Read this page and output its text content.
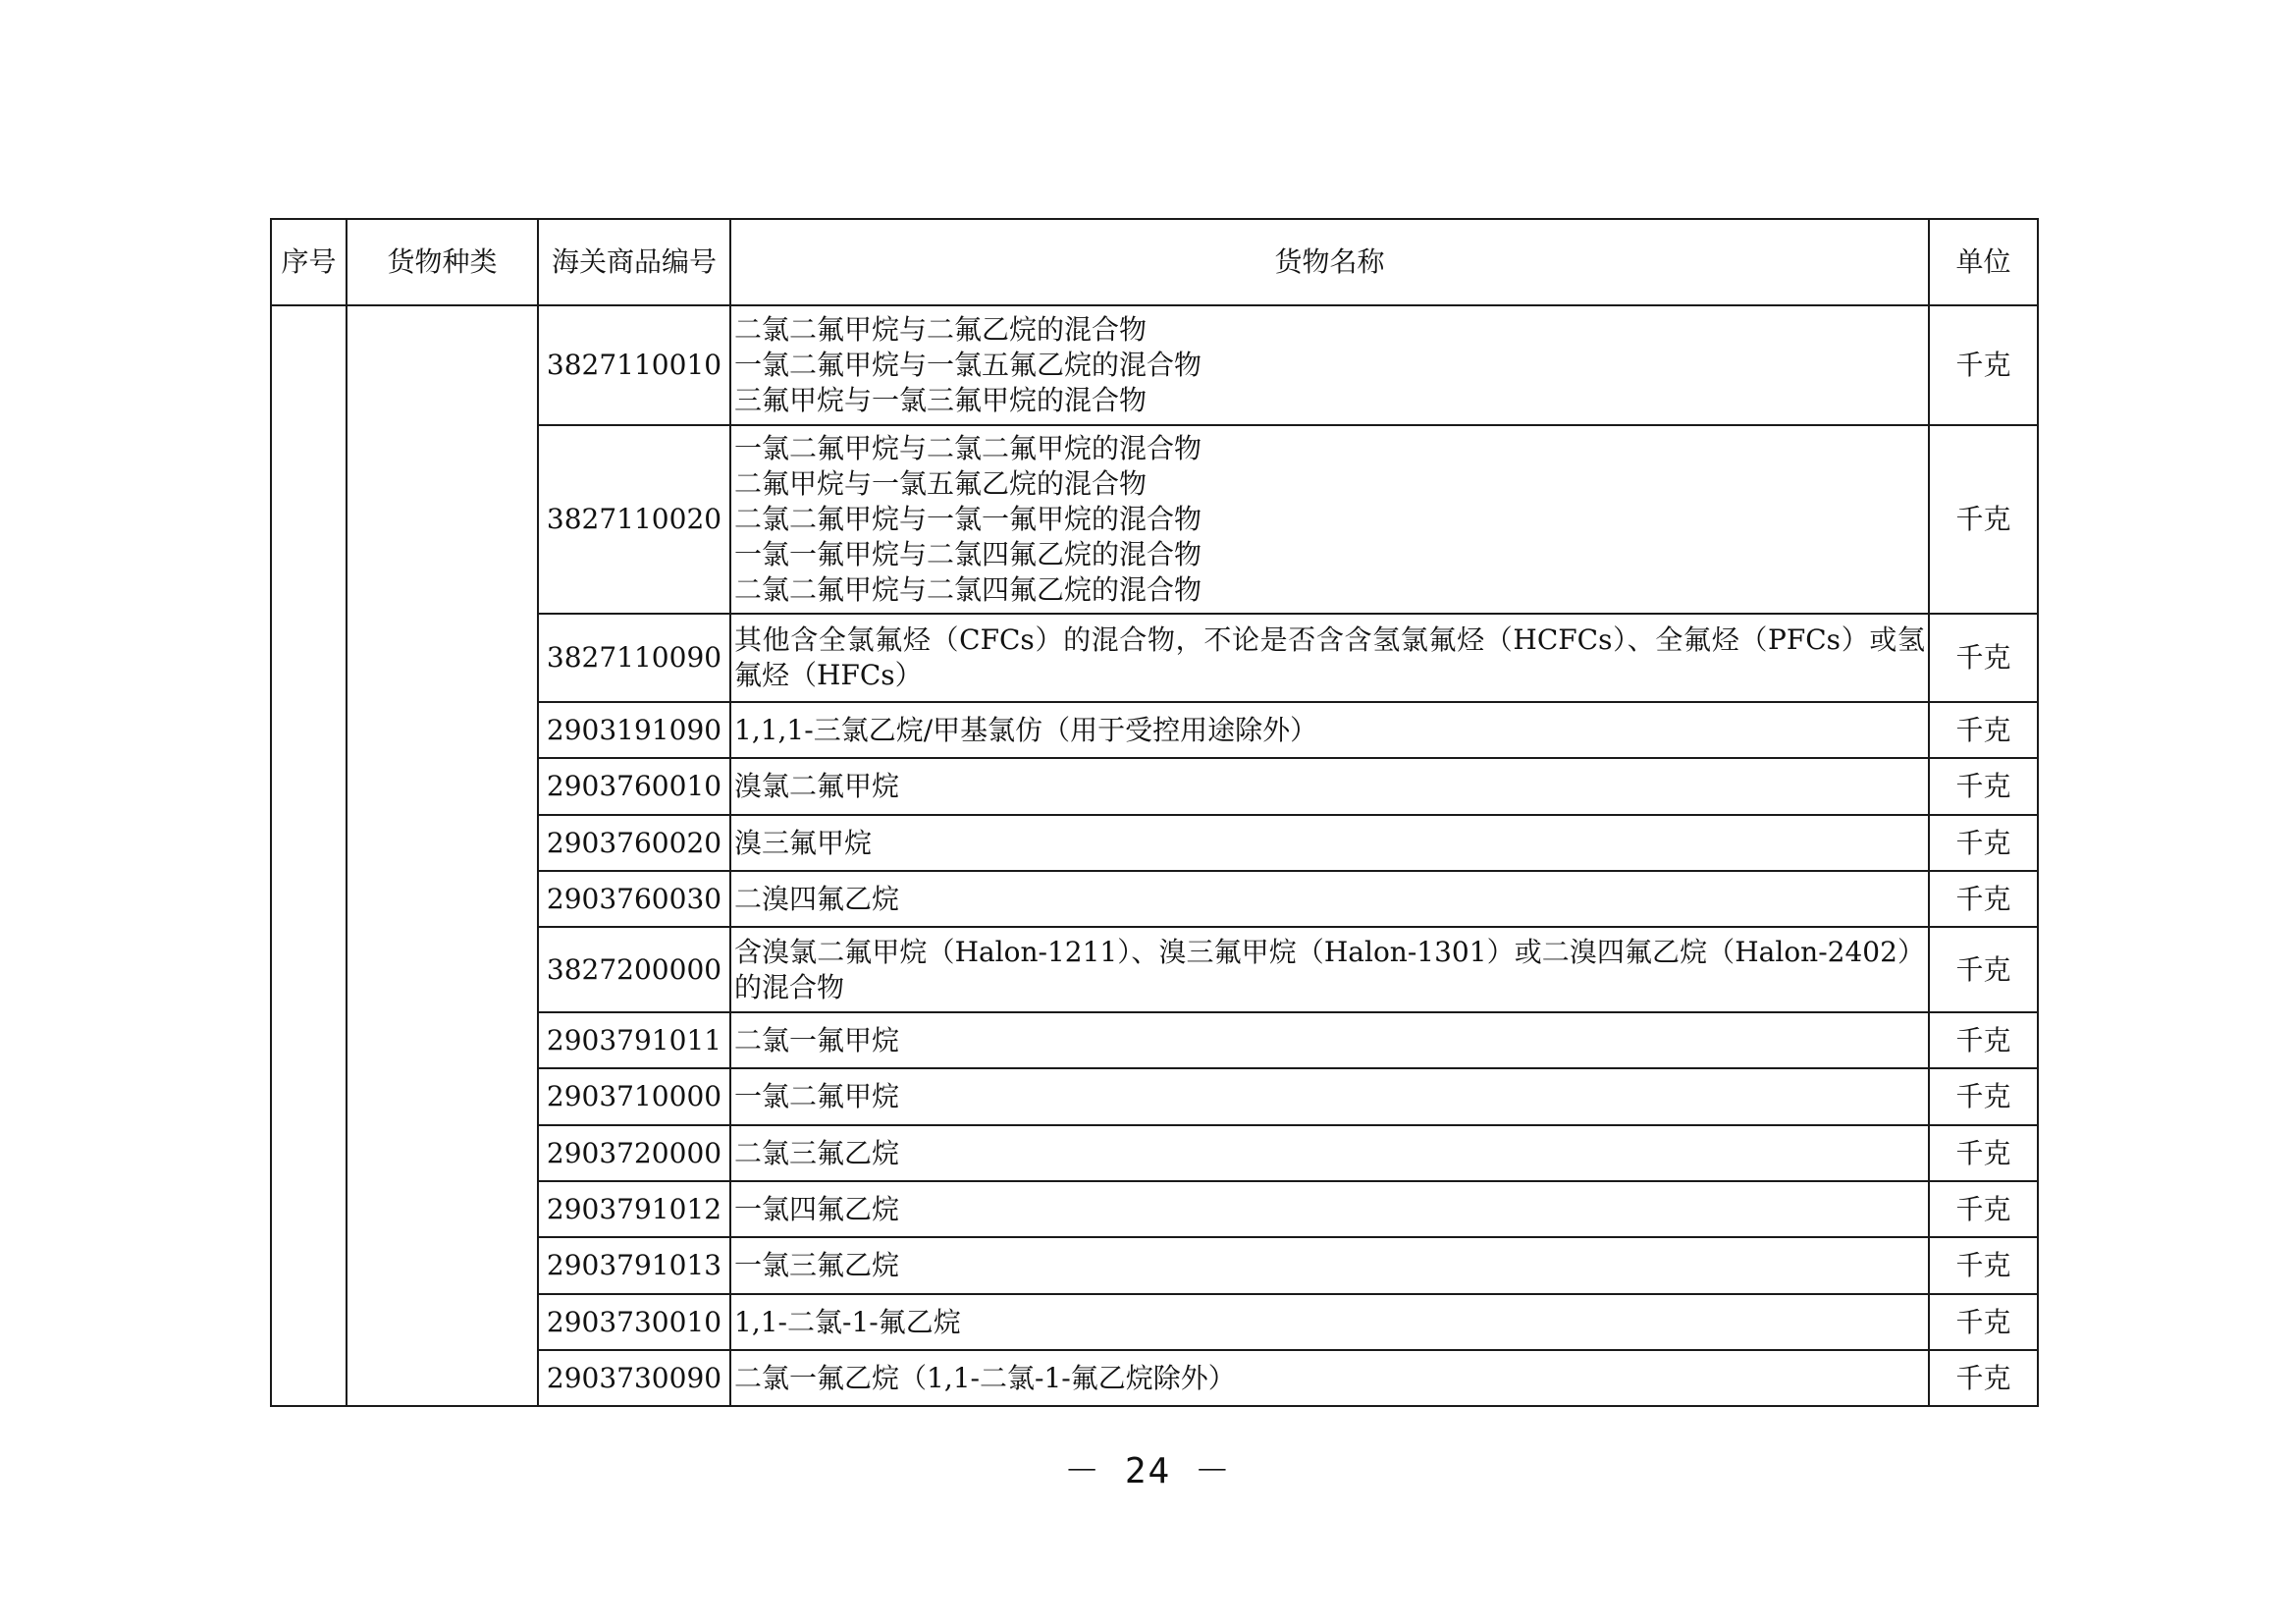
序号	货物种类	海关商品编号	货物名称	单位
		3827110010	二氯二氟甲烷与二氟乙烷的混合物
一氯二氟甲烷与一氯五氟乙烷的混合物
三氟甲烷与一氯三氟甲烷的混合物	千克
		3827110020	一氯二氟甲烷与二氯二氟甲烷的混合物
二氟甲烷与一氯五氟乙烷的混合物
二氯二氟甲烷与一氯一氟甲烷的混合物
一氯一氟甲烷与二氯四氟乙烷的混合物
二氯二氟甲烷与二氯四氟乙烷的混合物	千克
		3827110090	其他含全氯氟烃（CFCs）的混合物，不论是否含含氢氯氟烃（HCFCs）、全氟烃（PFCs）或氢氟烃（HFCs）	千克
		2903191090	1,1,1-三氯乙烷/甲基氯仿（用于受控用途除外）	千克
		2903760010	溴氯二氟甲烷	千克
		2903760020	溴三氟甲烷	千克
		2903760030	二溴四氟乙烷	千克
		3827200000	含溴氯二氟甲烷（Halon-1211）、溴三氟甲烷（Halon-1301）或二溴四氟乙烷（Halon-2402）的混合物	千克
		2903791011	二氯一氟甲烷	千克
		2903710000	一氯二氟甲烷	千克
		2903720000	二氯三氟乙烷	千克
		2903791012	一氯四氟乙烷	千克
		2903791013	一氯三氟乙烷	千克
		2903730010	1,1-二氯-1-氟乙烷	千克
		2903730090	二氯一氟乙烷（1,1-二氯-1-氟乙烷除外）	千克
－ 24 －
